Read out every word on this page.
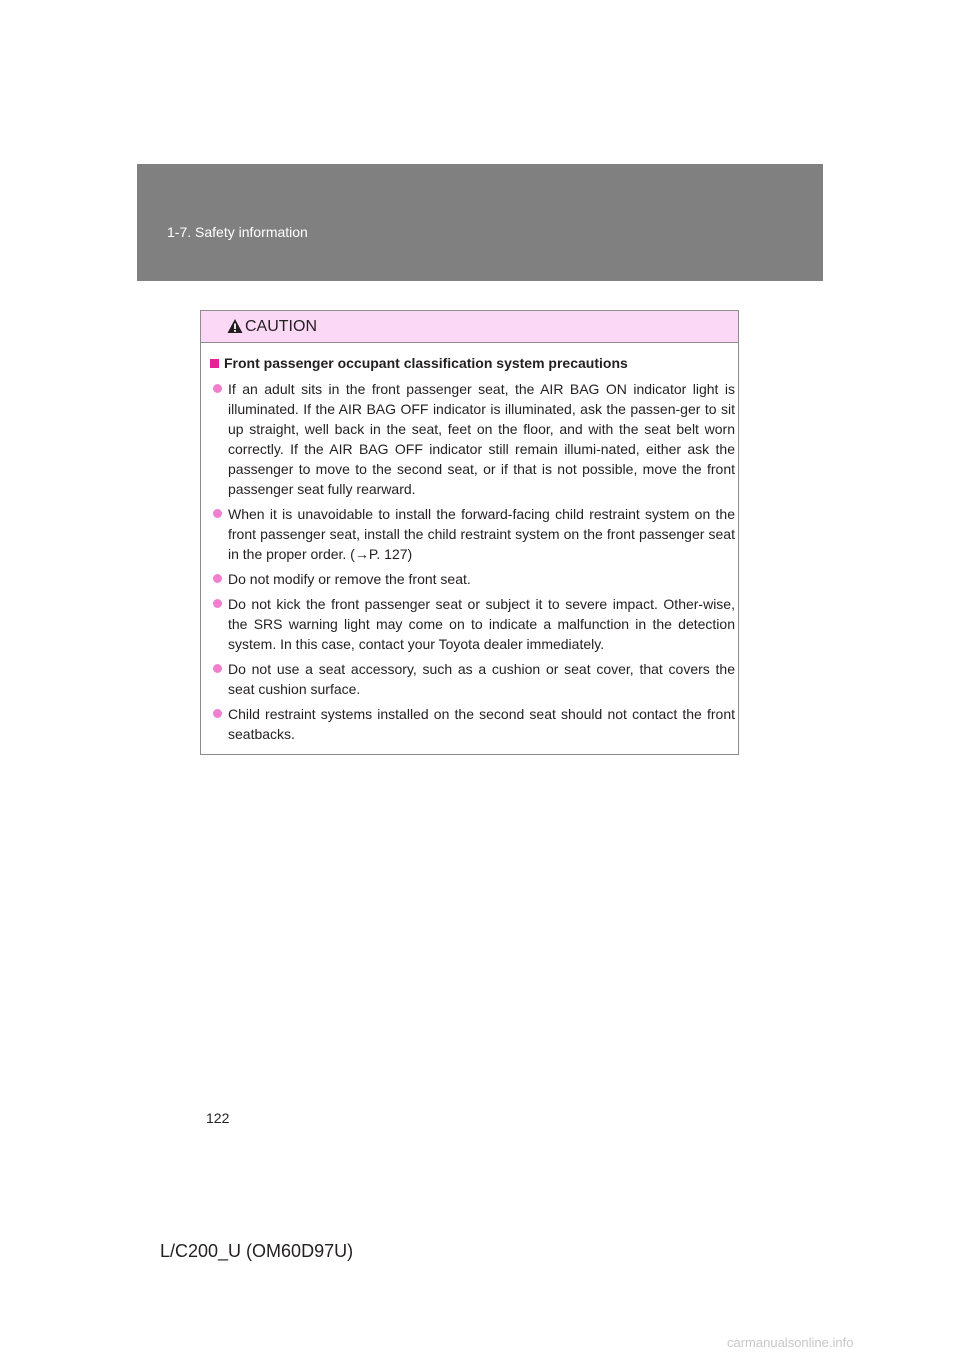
1-7. Safety information
CAUTION
Front passenger occupant classification system precautions
If an adult sits in the front passenger seat, the AIR BAG ON indicator light is illuminated. If the AIR BAG OFF indicator is illuminated, ask the passen-ger to sit up straight, well back in the seat, feet on the floor, and with the seat belt worn correctly. If the AIR BAG OFF indicator still remain illumi-nated, either ask the passenger to move to the second seat, or if that is not possible, move the front passenger seat fully rearward.
When it is unavoidable to install the forward-facing child restraint system on the front passenger seat, install the child restraint system on the front passenger seat in the proper order. (→P. 127)
Do not modify or remove the front seat.
Do not kick the front passenger seat or subject it to severe impact. Other-wise, the SRS warning light may come on to indicate a malfunction in the detection system. In this case, contact your Toyota dealer immediately.
Do not use a seat accessory, such as a cushion or seat cover, that covers the seat cushion surface.
Child restraint systems installed on the second seat should not contact the front seatbacks.
122
L/C200_U (OM60D97U)
carmanualsonline.info
